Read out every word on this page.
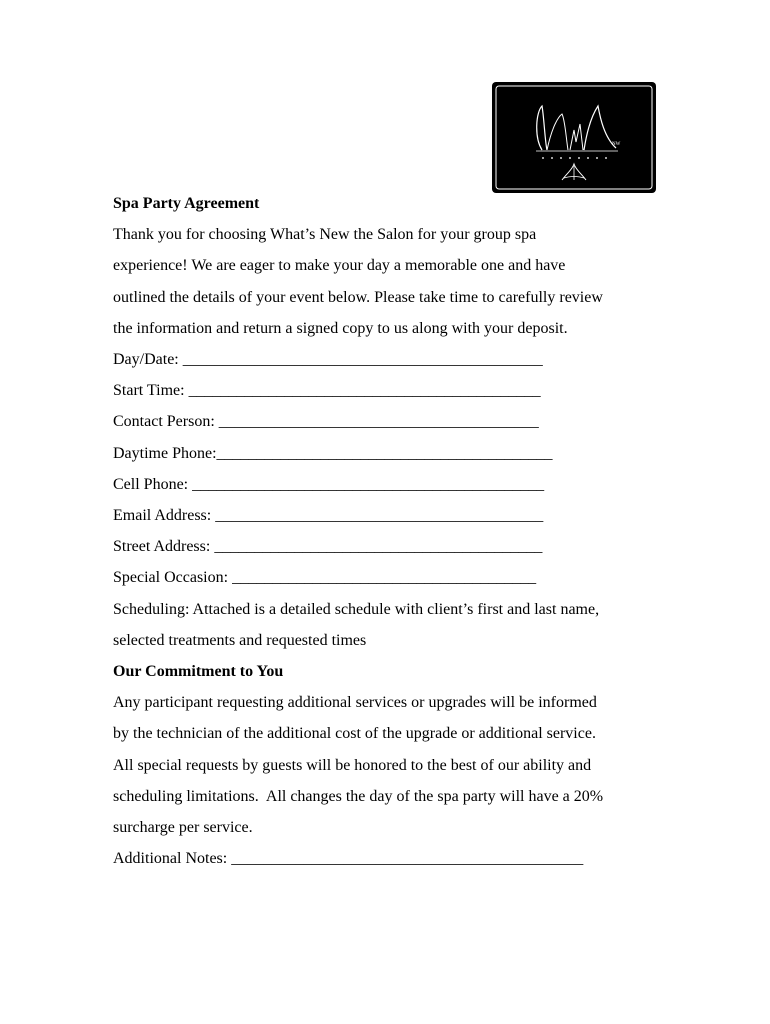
NW

Spa Party Agreement

Thank you for choosing What’s New the Salon for your group spa

experience! We are eager to make your day a memorable one and have

outlined the details of your event below. Please take time to carefully review

the information and return a signed copy to us along with your deposit.

Day/Date: _____________________________________________

Start Time: ____________________________________________

Contact Person: ________________________________________

Daytime Phone:__________________________________________

Cell Phone: ____________________________________________

Email Address: _________________________________________

Street Address: _________________________________________

Special Occasion: ______________________________________

Scheduling: Attached is a detailed schedule with client’s first and last name,

selected treatments and requested times

Our Commitment to You

Any participant requesting additional services or upgrades will be informed

by the technician of the additional cost of the upgrade or additional service.

All special requests by guests will be honored to the best of our ability and

scheduling limitations.  All changes the day of the spa party will have a 20%

surcharge per service.

Additional Notes: ____________________________________________
